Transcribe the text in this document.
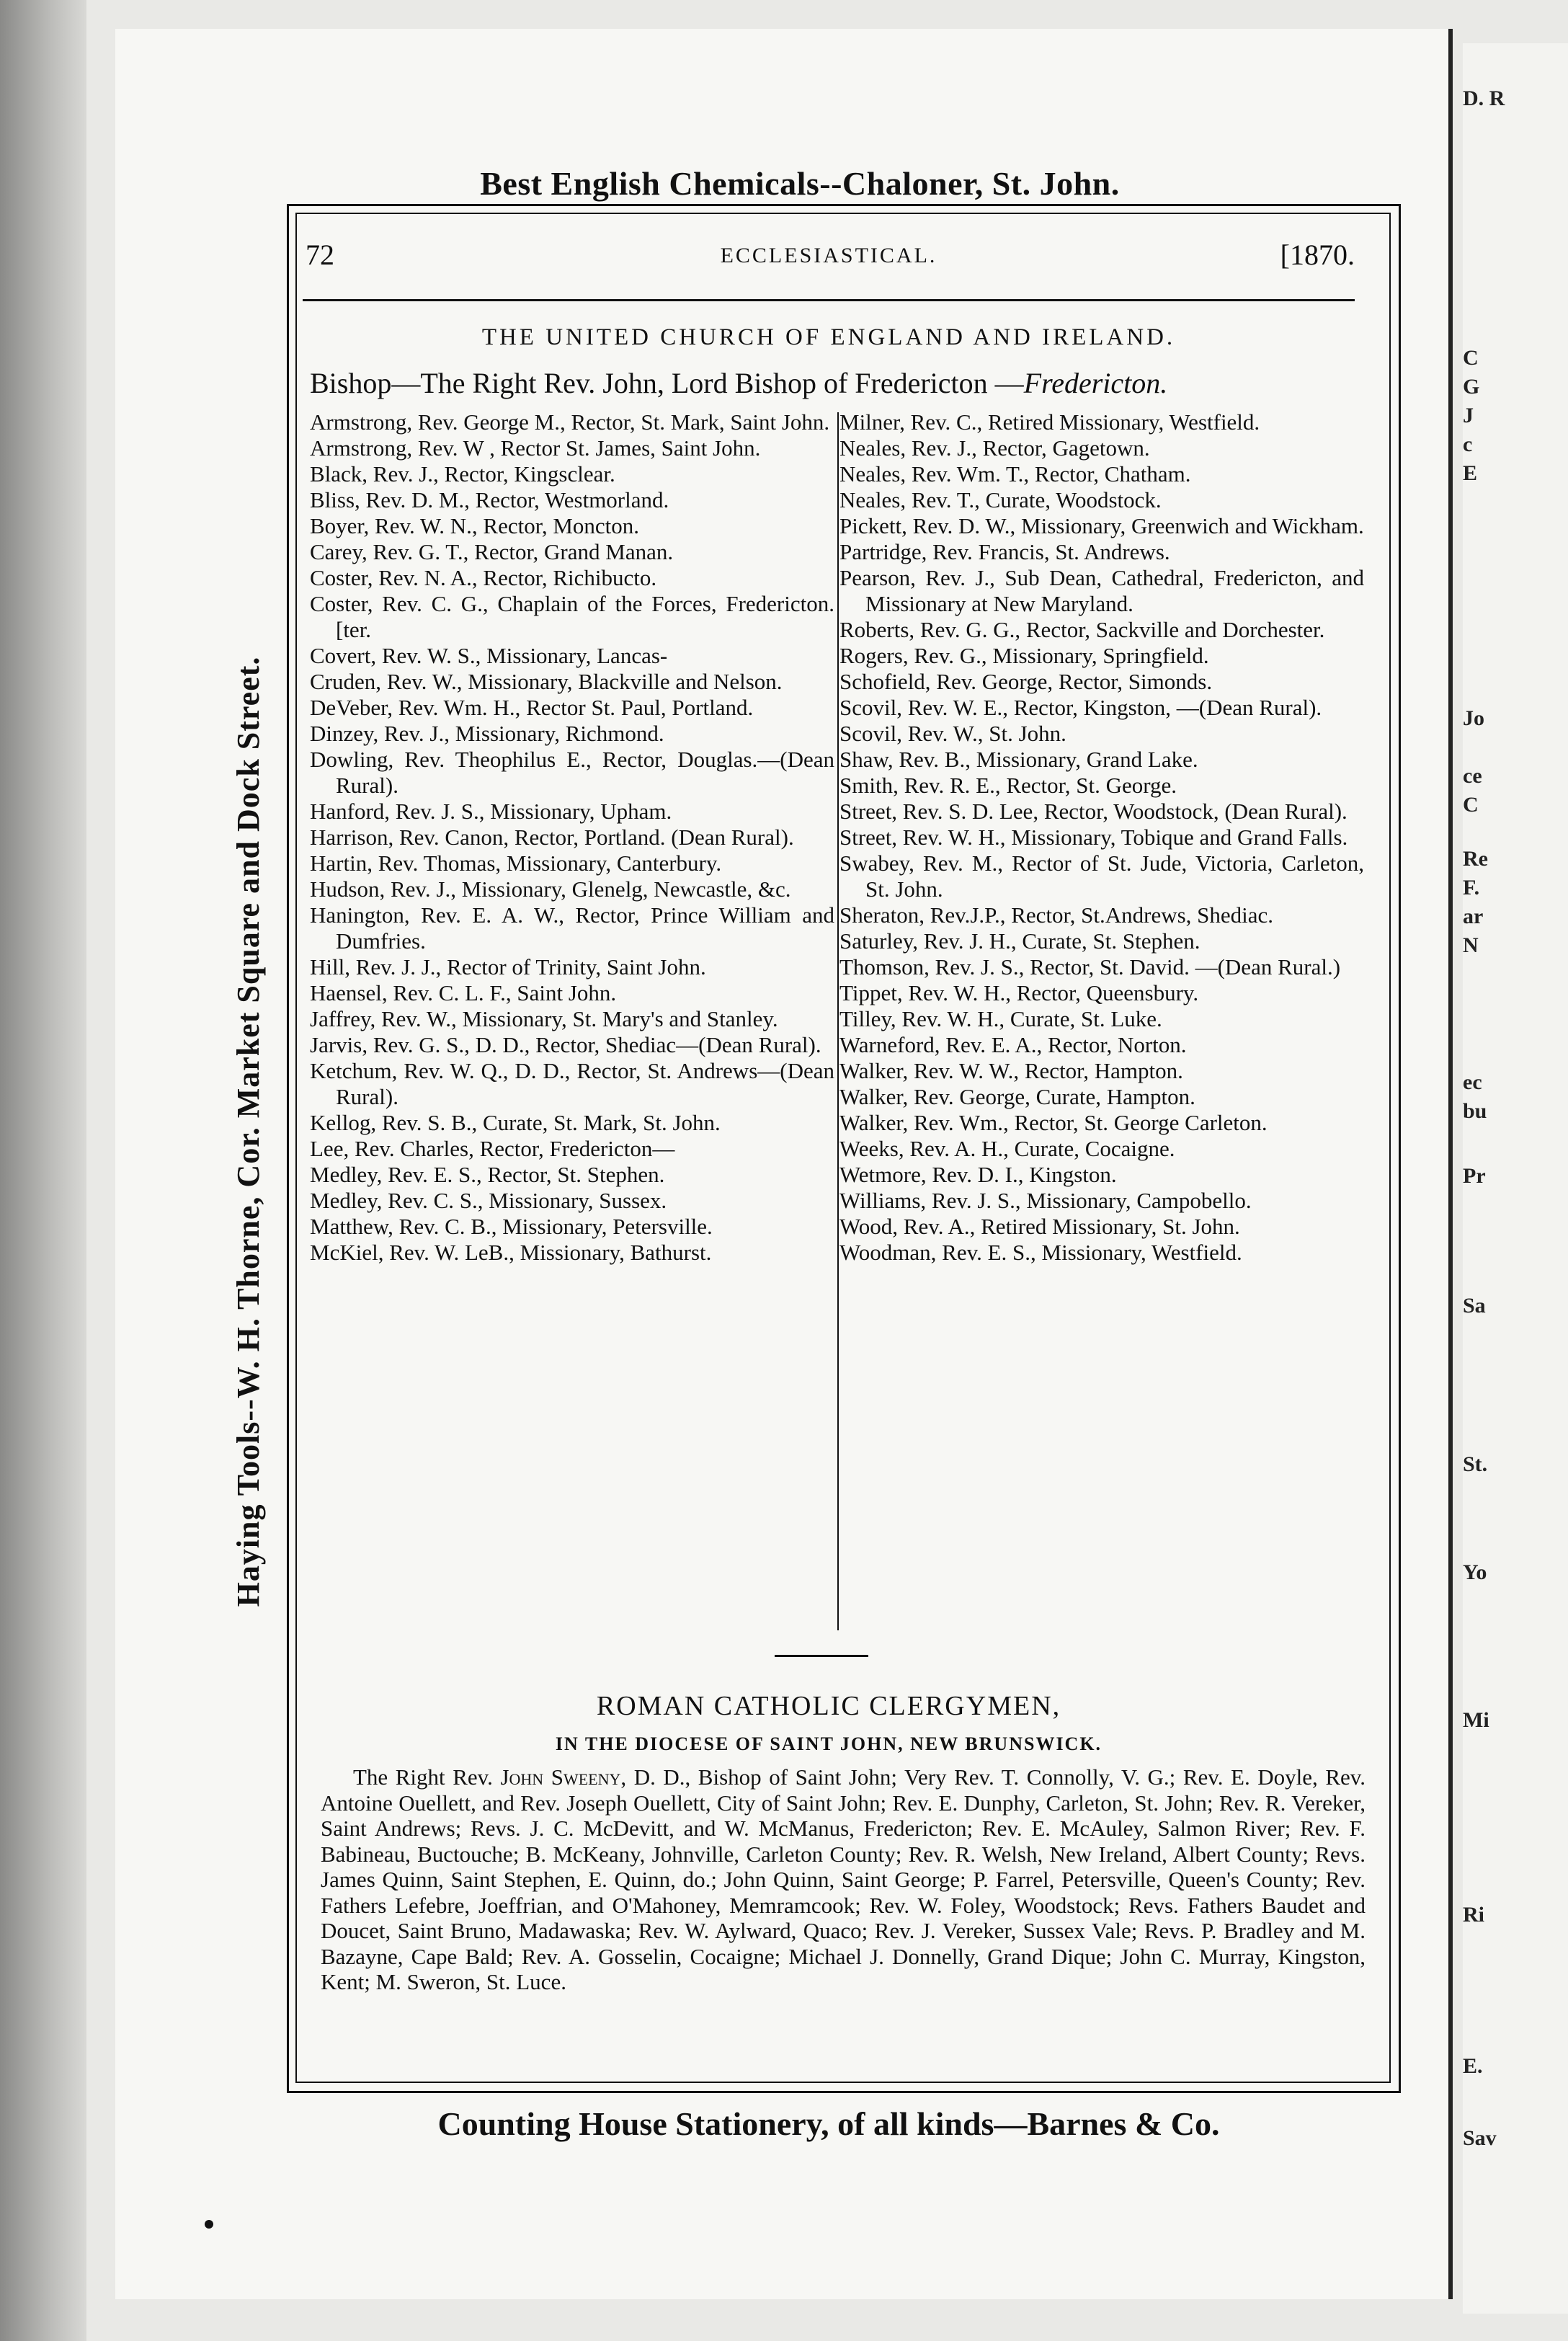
D. R
C
G
J
c
E
Jo
ce
C
Re
F.
ar
N
ec
bu
Pr
Sa
St.
Yo
Mi
Ri
E.
Sav
Best English Chemicals--Chaloner, St. John.
Haying Tools--W. H. Thorne, Cor. Market Square and Dock Street.
72	ECCLESIASTICAL.	[1870.
THE UNITED CHURCH OF ENGLAND AND IRELAND.
Bishop—The Right Rev. John, Lord Bishop of Fredericton —Fredericton.

Armstrong, Rev. George M., Rector, St. Mark, Saint John.

Armstrong, Rev. W , Rector St. James, Saint John.

Black, Rev. J., Rector, Kingsclear.

Bliss, Rev. D. M., Rector, Westmorland.

Boyer, Rev. W. N., Rector, Moncton.

Carey, Rev. G. T., Rector, Grand Manan.

Coster, Rev. N. A., Rector, Richibucto.

Coster, Rev. C. G., Chaplain of the Forces, Fredericton. [ter.

Covert, Rev. W. S., Missionary, Lancas-

Cruden, Rev. W., Missionary, Blackville and Nelson.

DeVeber, Rev. Wm. H., Rector St. Paul, Portland.

Dinzey, Rev. J., Missionary, Richmond.

Dowling, Rev. Theophilus E., Rector, Douglas.—(Dean Rural).

Hanford, Rev. J. S., Missionary, Upham.

Harrison, Rev. Canon, Rector, Portland. (Dean Rural).

Hartin, Rev. Thomas, Missionary, Canterbury.

Hudson, Rev. J., Missionary, Glenelg, Newcastle, &c.

Hanington, Rev. E. A. W., Rector, Prince William and Dumfries.

Hill, Rev. J. J., Rector of Trinity, Saint John.

Haensel, Rev. C. L. F., Saint John.

Jaffrey, Rev. W., Missionary, St. Mary's and Stanley.

Jarvis, Rev. G. S., D. D., Rector, Shediac—(Dean Rural).

Ketchum, Rev. W. Q., D. D., Rector, St. Andrews—(Dean Rural).

Kellog, Rev. S. B., Curate, St. Mark, St. John.

Lee, Rev. Charles, Rector, Fredericton—

Medley, Rev. E. S., Rector, St. Stephen.

Medley, Rev. C. S., Missionary, Sussex.

Matthew, Rev. C. B., Missionary, Petersville.

McKiel, Rev. W. LeB., Missionary, Bathurst.

Milner, Rev. C., Retired Missionary, Westfield.

Neales, Rev. J., Rector, Gagetown.

Neales, Rev. Wm. T., Rector, Chatham.

Neales, Rev. T., Curate, Woodstock.

Pickett, Rev. D. W., Missionary, Greenwich and Wickham.

Partridge, Rev. Francis, St. Andrews.

Pearson, Rev. J., Sub Dean, Cathedral, Fredericton, and Missionary at New Maryland.

Roberts, Rev. G. G., Rector, Sackville and Dorchester.

Rogers, Rev. G., Missionary, Springfield.

Schofield, Rev. George, Rector, Simonds.

Scovil, Rev. W. E., Rector, Kingston, —(Dean Rural).

Scovil, Rev. W., St. John.

Shaw, Rev. B., Missionary, Grand Lake.

Smith, Rev. R. E., Rector, St. George.

Street, Rev. S. D. Lee, Rector, Woodstock, (Dean Rural).

Street, Rev. W. H., Missionary, Tobique and Grand Falls.

Swabey, Rev. M., Rector of St. Jude, Victoria, Carleton, St. John.

Sheraton, Rev.J.P., Rector, St.Andrews, Shediac.

Saturley, Rev. J. H., Curate, St. Stephen.

Thomson, Rev. J. S., Rector, St. David. —(Dean Rural.)

Tippet, Rev. W. H., Rector, Queensbury.

Tilley, Rev. W. H., Curate, St. Luke.

Warneford, Rev. E. A., Rector, Norton.

Walker, Rev. W. W., Rector, Hampton.

Walker, Rev. George, Curate, Hampton.

Walker, Rev. Wm., Rector, St. George Carleton.

Weeks, Rev. A. H., Curate, Cocaigne.

Wetmore, Rev. D. I., Kingston.

Williams, Rev. J. S., Missionary, Campobello.

Wood, Rev. A., Retired Missionary, St. John.

Woodman, Rev. E. S., Missionary, Westfield.

ROMAN CATHOLIC CLERGYMEN,
IN THE DIOCESE OF SAINT JOHN, NEW BRUNSWICK.
The Right Rev. John Sweeny, D. D., Bishop of Saint John; Very Rev. T. Connolly, V. G.; Rev. E. Doyle, Rev. Antoine Ouellett, and Rev. Joseph Ouellett, City of Saint John; Rev. E. Dunphy, Carleton, St. John; Rev. R. Vereker, Saint Andrews; Revs. J. C. McDevitt, and W. McManus, Fredericton; Rev. E. McAuley, Salmon River; Rev. F. Babineau, Buctouche; B. McKeany, Johnville, Carleton County; Rev. R. Welsh, New Ireland, Albert County; Revs. James Quinn, Saint Stephen, E. Quinn, do.; John Quinn, Saint George; P. Farrel, Petersville, Queen's County; Rev. Fathers Lefebre, Joeffrian, and O'Mahoney, Memramcook; Rev. W. Foley, Woodstock; Revs. Fathers Baudet and Doucet, Saint Bruno, Madawaska; Rev. W. Aylward, Quaco; Rev. J. Vereker, Sussex Vale; Revs. P. Bradley and M. Bazayne, Cape Bald; Rev. A. Gosselin, Cocaigne; Michael J. Donnelly, Grand Dique; John C. Murray, Kingston, Kent; M. Sweron, St. Luce.
Counting House Stationery, of all kinds—Barnes & Co.
